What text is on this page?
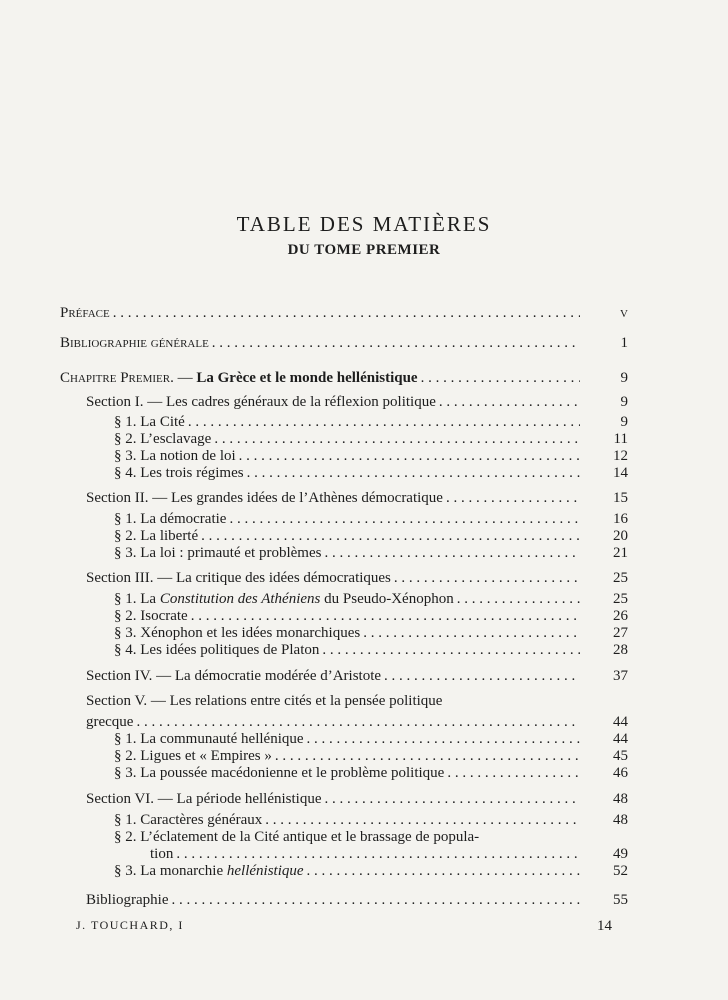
TABLE DES MATIÈRES
DU TOME PREMIER
Préface . . .	v
Bibliographie générale . . .	1
Chapitre Premier. — La Grèce et le monde hellénistique . . .	9
Section I. — Les cadres généraux de la réflexion politique . . .	9
§ 1. La Cité . . .	9
§ 2. L’esclavage . . .	11
§ 3. La notion de loi . . .	12
§ 4. Les trois régimes . . .	14
Section II. — Les grandes idées de l’Athènes démocratique . . .	15
§ 1. La démocratie . . .	16
§ 2. La liberté . . .	20
§ 3. La loi : primauté et problèmes . . .	21
Section III. — La critique des idées démocratiques . . .	25
§ 1. La Constitution des Athéniens du Pseudo-Xénophon . . .	25
§ 2. Isocrate . . .	26
§ 3. Xénophon et les idées monarchiques . . .	27
§ 4. Les idées politiques de Platon . . .	28
Section IV. — La démocratie modérée d’Aristote . . .	37
Section V. — Les relations entre cités et la pensée politique
grecque . . .	44
§ 1. La communauté hellénique . . .	44
§ 2. Ligues et « Empires » . . .	45
§ 3. La poussée macédonienne et le problème politique . . .	46
Section VI. — La période hellénistique . . .	48
§ 1. Caractères généraux . . .	48
§ 2. L’éclatement de la Cité antique et le brassage de popula-
tion . . .	49
§ 3. La monarchie hellénistique . . .	52
Bibliographie . . .	55
J. TOUCHARD, I	14
